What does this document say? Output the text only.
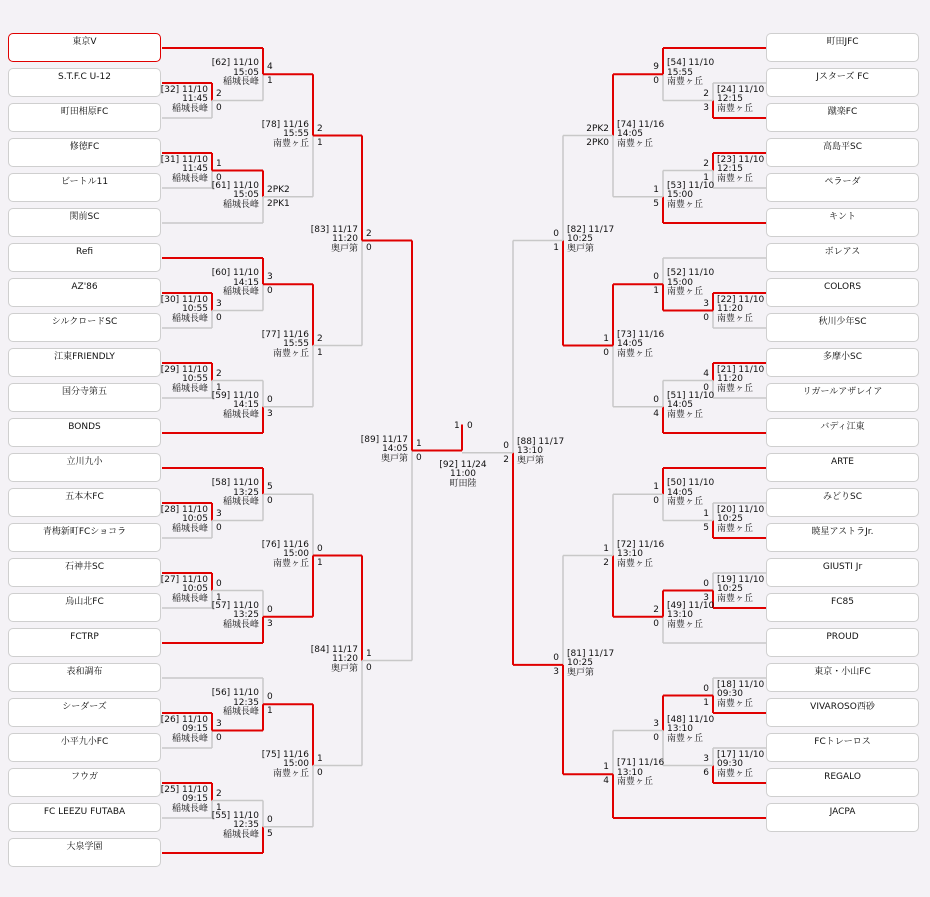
東京V
S.T.F.C U-12
町田相原FC
修徳FC
ビートル11
関前SC
Refi
AZ'86
シルクロードSC
江東FRIENDLY
国分寺第五
BONDS
立川九小
五本木FC
青梅新町FCショコラ
石神井SC
烏山北FC
FCTRP
表和調布
シーダーズ
小平九小FC
フウガ
FC LEEZU FUTABA
大泉学園
町田JFC
Jスターズ FC
蹴楽FC
高島平SC
ペラーダ
キント
ボレアス
COLORS
秋川少年SC
多摩小SC
リガールアザレイア
バディ江東
ARTE
みどりSC
暁星アストラJr.
GIUSTI Jr
FC85
PROUD
東京・小山FC
VIVAROSO西砂
FCトレーロス
REGALO
JACPA
[32] 11/10
11:45
稲城長峰
2
0
[62] 11/10
15:05
稲城長峰
4
1
[31] 11/10
11:45
稲城長峰
1
0
[61] 11/10
15:05
稲城長峰
2PK2
2PK1
[78] 11/16
15:55
南豊ヶ丘
2
1
[30] 11/10
10:55
稲城長峰
3
0
[60] 11/10
14:15
稲城長峰
3
0
[29] 11/10
10:55
稲城長峰
2
1
[59] 11/10
14:15
稲城長峰
0
3
[77] 11/16
15:55
南豊ヶ丘
2
1
[83] 11/17
11:20
奥戸第
2
0
[28] 11/10
10:05
稲城長峰
3
0
[58] 11/10
13:25
稲城長峰
5
0
[27] 11/10
10:05
稲城長峰
0
1
[57] 11/10
13:25
稲城長峰
0
3
[76] 11/16
15:00
南豊ヶ丘
0
1
[26] 11/10
09:15
稲城長峰
3
0
[56] 11/10
12:35
稲城長峰
0
1
[25] 11/10
09:15
稲城長峰
2
1
[55] 11/10
12:35
稲城長峰
0
5
[75] 11/16
15:00
南豊ヶ丘
1
0
[84] 11/17
11:20
奥戸第
1
0
[89] 11/17
14:05
奥戸第
1
0
[24] 11/10
12:15
南豊ヶ丘
2
3
[54] 11/10
15:55
南豊ヶ丘
9
0
[23] 11/10
12:15
南豊ヶ丘
2
1
[53] 11/10
15:00
南豊ヶ丘
1
5
[74] 11/16
14:05
南豊ヶ丘
2PK2
2PK0
[22] 11/10
11:20
南豊ヶ丘
3
0
[52] 11/10
15:00
南豊ヶ丘
0
1
[21] 11/10
11:20
南豊ヶ丘
4
0
[51] 11/10
14:05
南豊ヶ丘
0
4
[73] 11/16
14:05
南豊ヶ丘
1
0
[82] 11/17
10:25
奥戸第
0
1
[20] 11/10
10:25
南豊ヶ丘
1
5
[50] 11/10
14:05
南豊ヶ丘
1
0
[19] 11/10
10:25
南豊ヶ丘
0
3
[49] 11/10
13:10
南豊ヶ丘
2
0
[72] 11/16
13:10
南豊ヶ丘
1
2
[18] 11/10
09:30
南豊ヶ丘
0
1
[17] 11/10
09:30
南豊ヶ丘
3
6
[48] 11/10
13:10
南豊ヶ丘
3
0
[71] 11/16
13:10
南豊ヶ丘
1
4
[81] 11/17
10:25
奥戸第
0
3
[88] 11/17
13:10
奥戸第
0
2
1 0
[92] 11/24
11:00
町田陸
